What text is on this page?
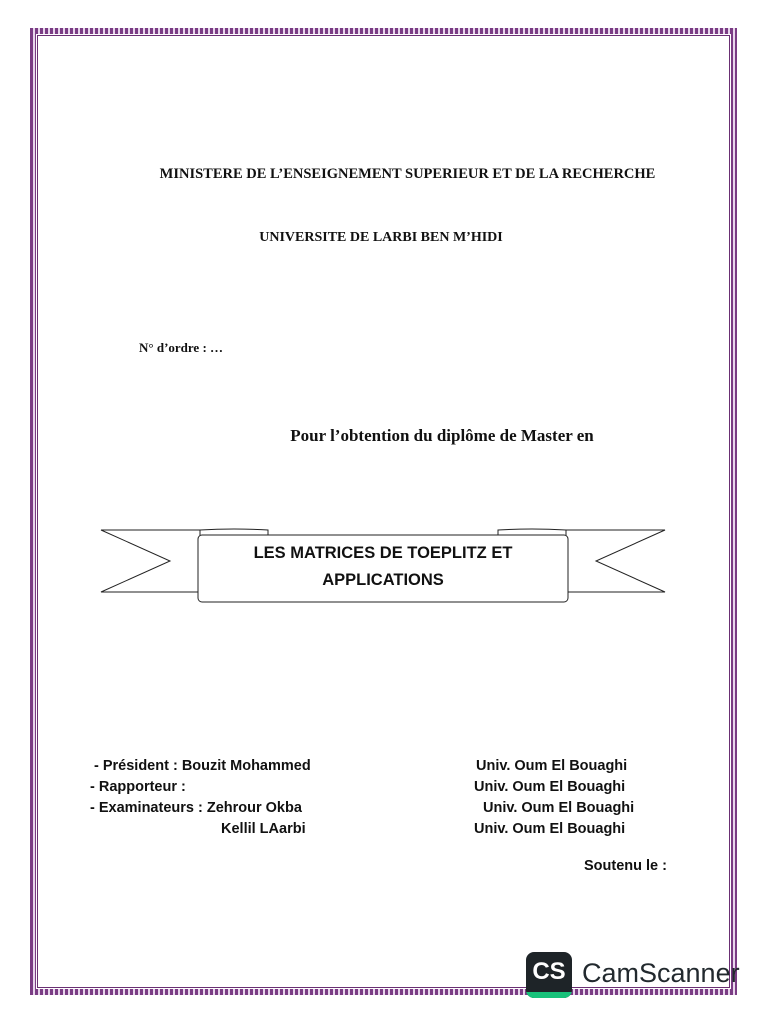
MINISTERE DE L’ENSEIGNEMENT SUPERIEUR ET DE LA RECHERCHE
UNIVERSITE DE LARBI BEN M’HIDI
N° d’ordre : …
Pour l’obtention du diplôme de Master en
LES MATRICES DE TOEPLITZ ET
APPLICATIONS
- Président : Bouzit Mohammed	Univ. Oum El Bouaghi
- Rapporteur :	Univ. Oum El Bouaghi
- Examinateurs : Zehrour Okba	Univ. Oum El Bouaghi
Kellil LAarbi	Univ. Oum El Bouaghi
Soutenu le :
CS CamScanner
